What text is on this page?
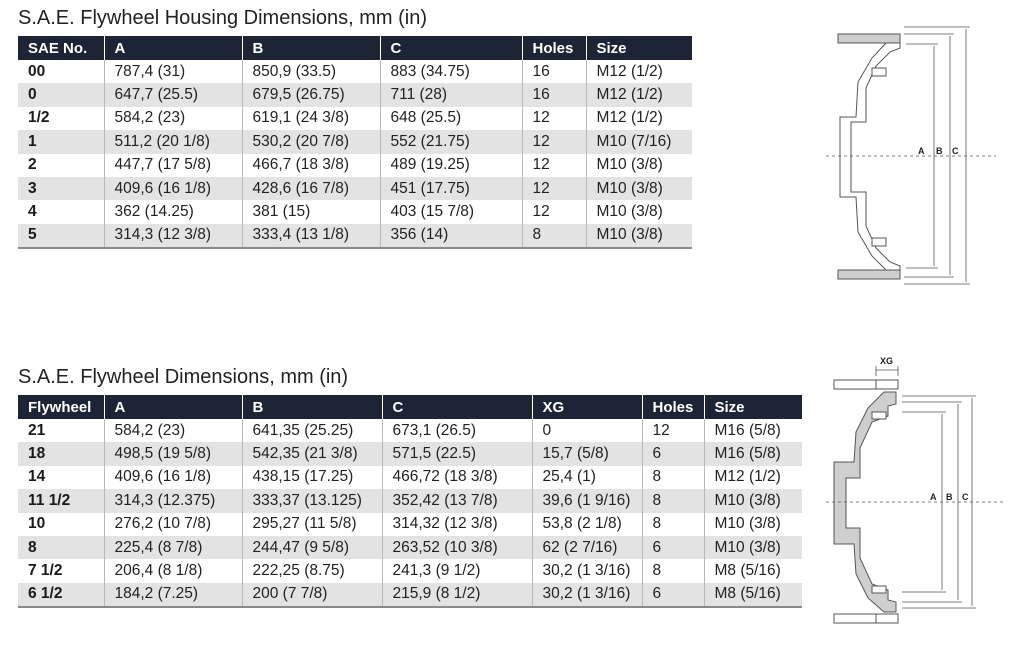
S.A.E. Flywheel Housing Dimensions, mm (in)
SAE No.	A	B	C	Holes	Size
00	787,4 (31)	850,9 (33.5)	883 (34.75)	16	M12 (1/2)
0	647,7 (25.5)	679,5 (26.75)	711 (28)	16	M12 (1/2)
1/2	584,2 (23)	619,1 (24 3/8)	648 (25.5)	12	M12 (1/2)
1	511,2 (20 1/8)	530,2 (20 7/8)	552 (21.75)	12	M10 (7/16)
2	447,7 (17 5/8)	466,7 (18 3/8)	489 (19.25)	12	M10 (3/8)
3	409,6 (16 1/8)	428,6 (16 7/8)	451 (17.75)	12	M10 (3/8)
4	362 (14.25)	381 (15)	403 (15 7/8)	12	M10 (3/8)
5	314,3 (12 3/8)	333,4 (13 1/8)	356 (14)	8	M10 (3/8)
A B C
S.A.E. Flywheel Dimensions, mm (in)
Flywheel	A	B	C	XG	Holes	Size
21	584,2 (23)	641,35 (25.25)	673,1 (26.5)	0	12	M16 (5/8)
18	498,5 (19 5/8)	542,35 (21 3/8)	571,5 (22.5)	15,7 (5/8)	6	M16 (5/8)
14	409,6 (16 1/8)	438,15 (17.25)	466,72 (18 3/8)	25,4 (1)	8	M12 (1/2)
11 1/2	314,3 (12.375)	333,37 (13.125)	352,42 (13 7/8)	39,6 (1 9/16)	8	M10 (3/8)
10	276,2 (10 7/8)	295,27 (11 5/8)	314,32 (12 3/8)	53,8 (2 1/8)	8	M10 (3/8)
8	225,4 (8 7/8)	244,47 (9 5/8)	263,52 (10 3/8)	62 (2 7/16)	6	M10 (3/8)
7 1/2	206,4 (8 1/8)	222,25 (8.75)	241,3 (9 1/2)	30,2 (1 3/16)	8	M8 (5/16)
6 1/2	184,2 (7.25)	200 (7 7/8)	215,9 (8 1/2)	30,2 (1 3/16)	6	M8 (5/16)
XG
A B C
